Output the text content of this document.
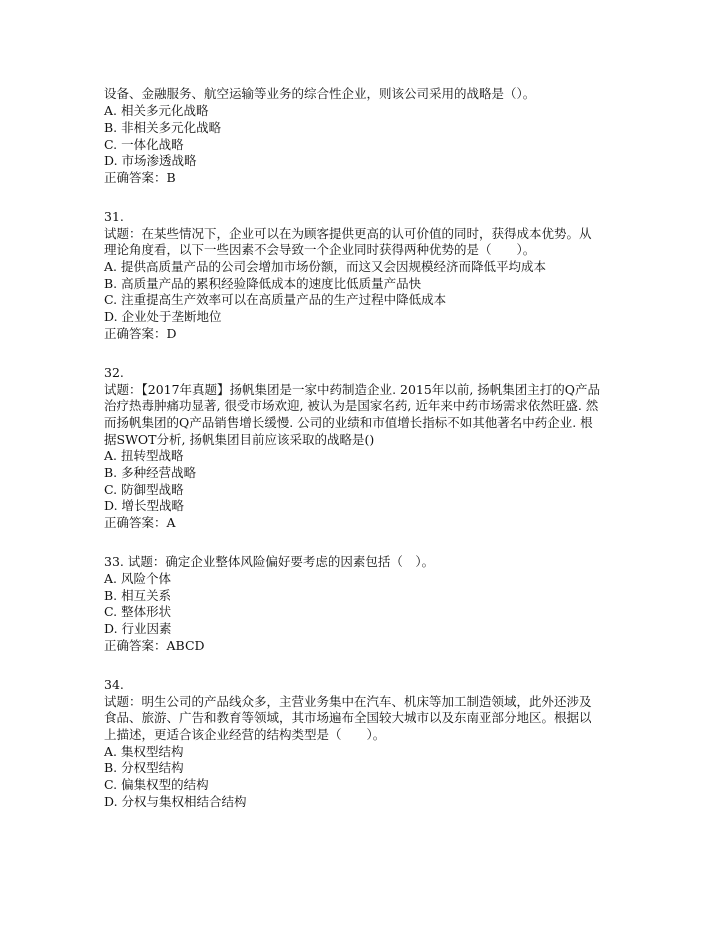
设备、金融服务、航空运输等业务的综合性企业，则该公司采用的战略是（）。
A. 相关多元化战略
B. 非相关多元化战略
C. 一体化战略
D. 市场渗透战略
正确答案：B
31.
试题：在某些情况下，企业可以在为顾客提供更高的认可价值的同时，获得成本优势。从
理论角度看，以下一些因素不会导致一个企业同时获得两种优势的是（　　）。
A. 提供高质量产品的公司会增加市场份额，而这又会因规模经济而降低平均成本
B. 高质量产品的累积经验降低成本的速度比低质量产品快
C. 注重提高生产效率可以在高质量产品的生产过程中降低成本
D. 企业处于垄断地位
正确答案：D
32.
试题：【2017年真题】扬帆集团是一家中药制造企业. 2015年以前, 扬帆集团主打的Q产品
治疗热毒肿痛功显著, 很受市场欢迎, 被认为是国家名药, 近年来中药市场需求依然旺盛. 然
而扬帆集团的Q产品销售增长缓慢. 公司的业绩和市值增长指标不如其他著名中药企业. 根
据SWOT分析, 扬帆集团目前应该采取的战略是()
A. 扭转型战略
B. 多种经营战略
C. 防御型战略
D. 增长型战略
正确答案：A
33. 试题：确定企业整体风险偏好要考虑的因素包括（　）。
A. 风险个体
B. 相互关系
C. 整体形状
D. 行业因素
正确答案：ABCD
34.
试题：明生公司的产品线众多，主营业务集中在汽车、机床等加工制造领域，此外还涉及
食品、旅游、广告和教育等领域，其市场遍布全国较大城市以及东南亚部分地区。根据以
上描述，更适合该企业经营的结构类型是（　　）。
A. 集权型结构
B. 分权型结构
C. 偏集权型的结构
D. 分权与集权相结合结构
